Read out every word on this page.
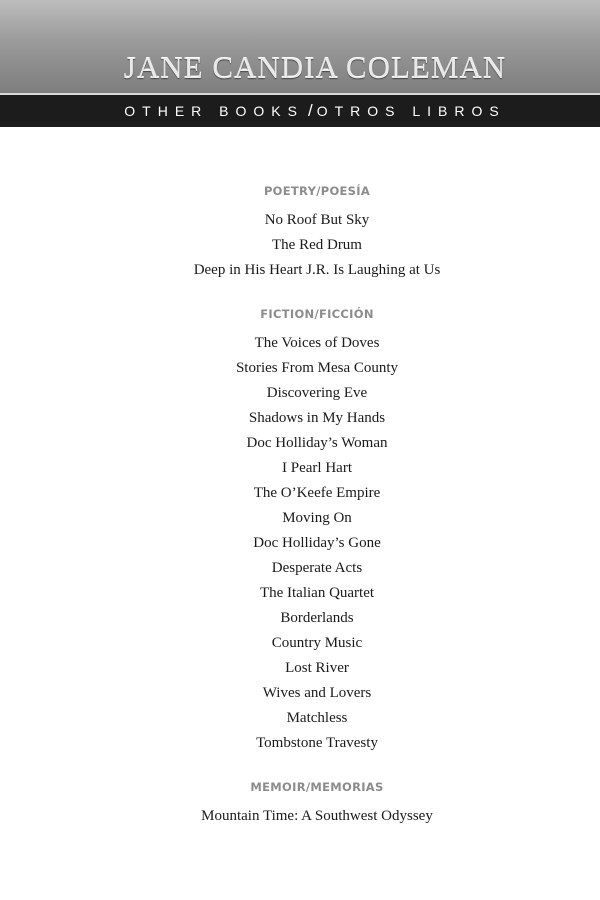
JANE CANDIA COLEMAN
OTHER BOOKS / OTROS LIBROS
POETRY/POESÍA
No Roof But Sky
The Red Drum
Deep in His Heart J.R. Is Laughing at Us
FICTION/FICCIÓN
The Voices of Doves
Stories From Mesa County
Discovering Eve
Shadows in My Hands
Doc Holliday’s Woman
I Pearl Hart
The O’Keefe Empire
Moving On
Doc Holliday’s Gone
Desperate Acts
The Italian Quartet
Borderlands
Country Music
Lost River
Wives and Lovers
Matchless
Tombstone Travesty
MEMOIR/MEMORIAS
Mountain Time: A Southwest Odyssey
